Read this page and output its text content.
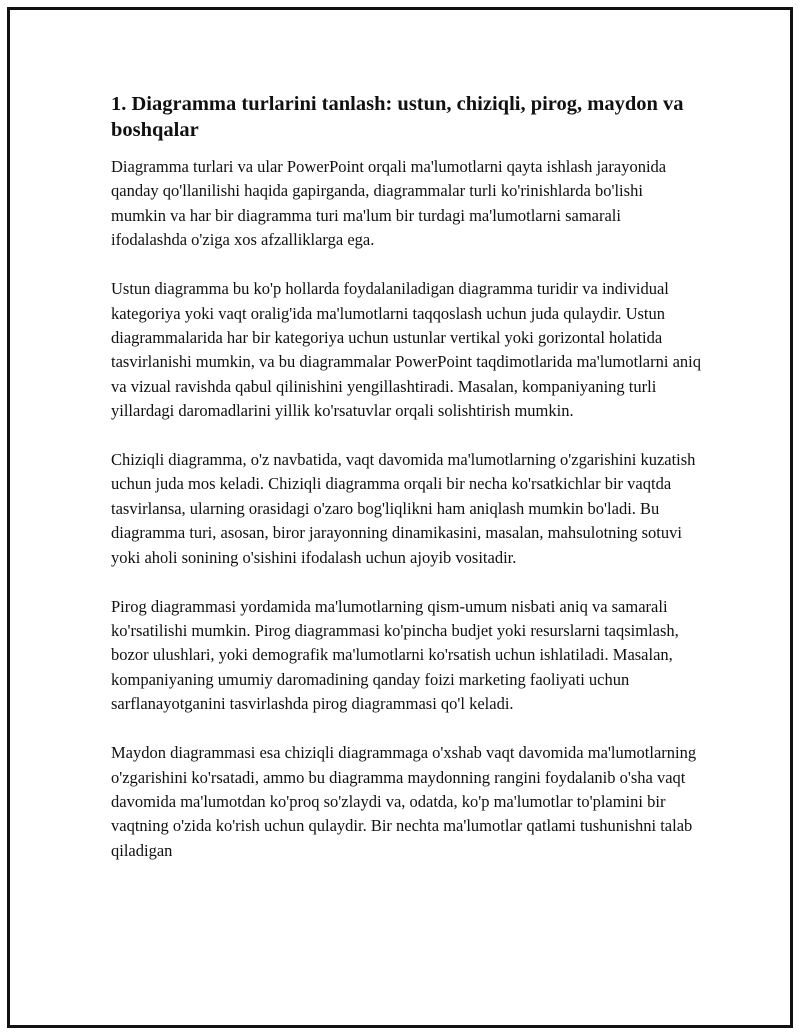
1. Diagramma turlarini tanlash: ustun, chiziqli, pirog, maydon va boshqalar

Diagramma turlari va ular PowerPoint orqali ma'lumotlarni qayta ishlash jarayonida qanday qo'llanilishi haqida gapirganda, diagrammalar turli ko'rinishlarda bo'lishi mumkin va har bir diagramma turi ma'lum bir turdagi ma'lumotlarni samarali ifodalashda o'ziga xos afzalliklarga ega.

Ustun diagramma bu ko'p hollarda foydalaniladigan diagramma turidir va individual kategoriya yoki vaqt oralig'ida ma'lumotlarni taqqoslash uchun juda qulaydir. Ustun diagrammalarida har bir kategoriya uchun ustunlar vertikal yoki gorizontal holatida tasvirlanishi mumkin, va bu diagrammalar PowerPoint taqdimotlarida ma'lumotlarni aniq va vizual ravishda qabul qilinishini yengillashtiradi. Masalan, kompaniyaning turli yillardagi daromadlarini yillik ko'rsatuvlar orqali solishtirish mumkin.

Chiziqli diagramma, o'z navbatida, vaqt davomida ma'lumotlarning o'zgarishini kuzatish uchun juda mos keladi. Chiziqli diagramma orqali bir necha ko'rsatkichlar bir vaqtda tasvirlansa, ularning orasidagi o'zaro bog'liqlikni ham aniqlash mumkin bo'ladi. Bu diagramma turi, asosan, biror jarayonning dinamikasini, masalan, mahsulotning sotuvi yoki aholi sonining o'sishini ifodalash uchun ajoyib vositadir.

Pirog diagrammasi yordamida ma'lumotlarning qism-umum nisbati aniq va samarali ko'rsatilishi mumkin. Pirog diagrammasi ko'pincha budjet yoki resurslarni taqsimlash, bozor ulushlari, yoki demografik ma'lumotlarni ko'rsatish uchun ishlatiladi. Masalan, kompaniyaning umumiy daromadining qanday foizi marketing faoliyati uchun sarflanayotganini tasvirlashda pirog diagrammasi qo'l keladi.

Maydon diagrammasi esa chiziqli diagrammaga o'xshab vaqt davomida ma'lumotlarning o'zgarishini ko'rsatadi, ammo bu diagramma maydonning rangini foydalanib o'sha vaqt davomida ma'lumotdan ko'proq so'zlaydi va, odatda, ko'p ma'lumotlar to'plamini bir vaqtning o'zida ko'rish uchun qulaydir. Bir nechta ma'lumotlar qatlami tushunishni talab qiladigan
